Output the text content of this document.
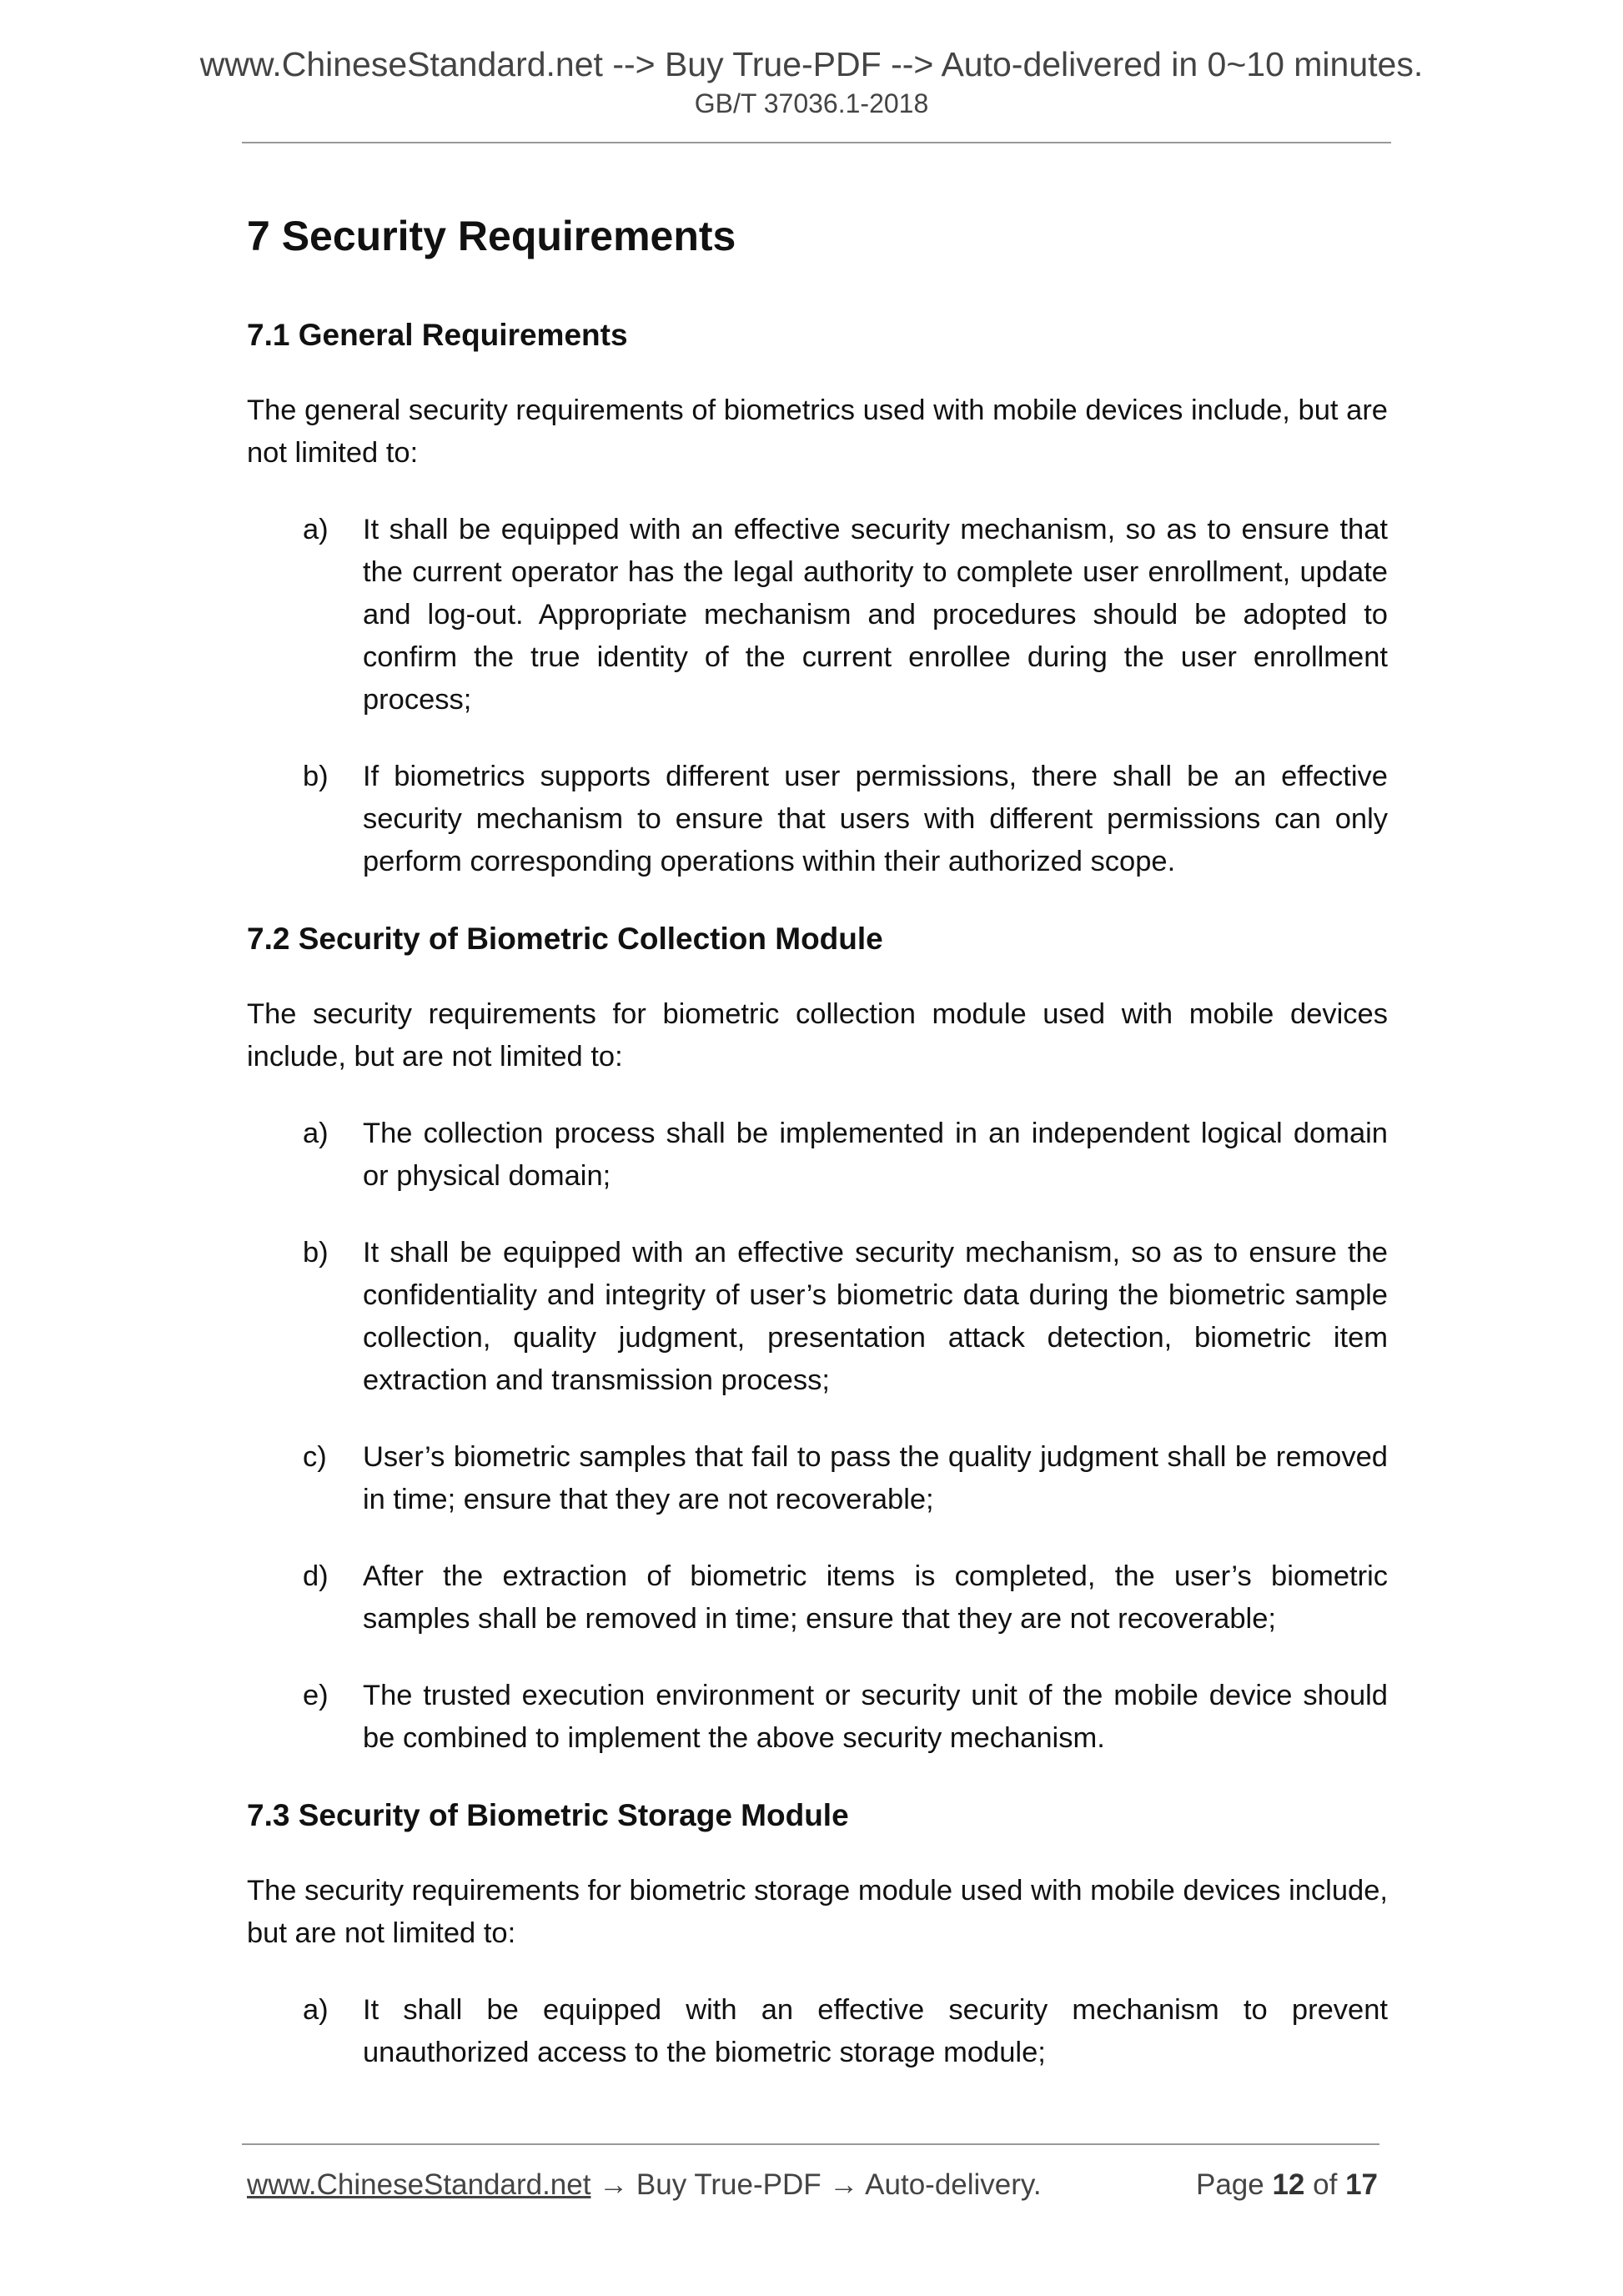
www.ChineseStandard.net --> Buy True-PDF --> Auto-delivered in 0~10 minutes.
GB/T 37036.1-2018
7 Security Requirements
7.1 General Requirements

The general security requirements of biometrics used with mobile devices include, but are not limited to:

a)	It shall be equipped with an effective security mechanism, so as to ensure that the current operator has the legal authority to complete user enrollment, update and log-out. Appropriate mechanism and procedures should be adopted to confirm the true identity of the current enrollee during the user enrollment process;
b)	If biometrics supports different user permissions, there shall be an effective security mechanism to ensure that users with different permissions can only perform corresponding operations within their authorized scope.
7.2 Security of Biometric Collection Module

The security requirements for biometric collection module used with mobile devices include, but are not limited to:

a)	The collection process shall be implemented in an independent logical domain or physical domain;
b)	It shall be equipped with an effective security mechanism, so as to ensure the confidentiality and integrity of user’s biometric data during the biometric sample collection, quality judgment, presentation attack detection, biometric item extraction and transmission process;
c)	User’s biometric samples that fail to pass the quality judgment shall be removed in time; ensure that they are not recoverable;
d)	After the extraction of biometric items is completed, the user’s biometric samples shall be removed in time; ensure that they are not recoverable;
e)	The trusted execution environment or security unit of the mobile device should be combined to implement the above security mechanism.
7.3 Security of Biometric Storage Module

The security requirements for biometric storage module used with mobile devices include, but are not limited to:

a)	It shall be equipped with an effective security mechanism to prevent unauthorized access to the biometric storage module;
www.ChineseStandard.net → Buy True-PDF → Auto-delivery.	Page 12 of 17
